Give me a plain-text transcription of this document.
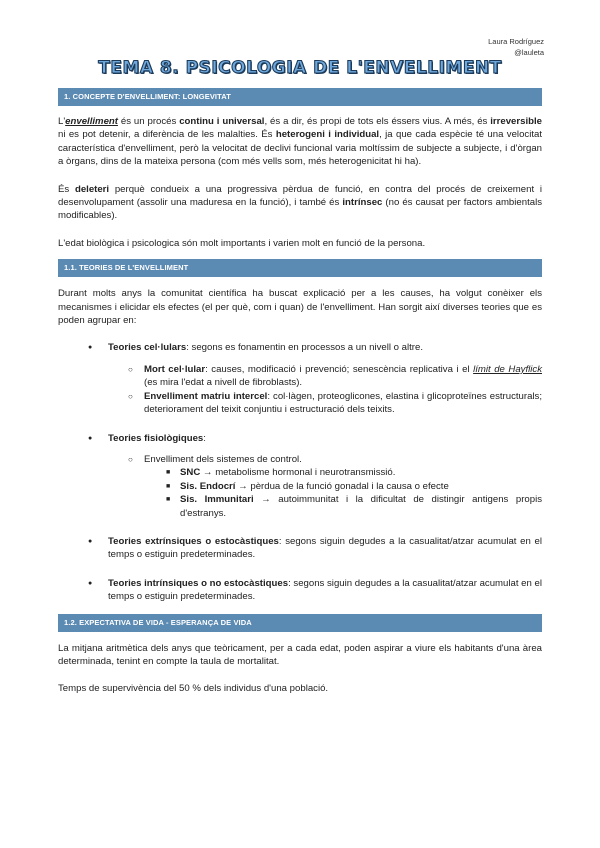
Laura Rodríguez
@lauleta
TEMA 8. PSICOLOGIA DE L'ENVELLIMENT
1. CONCEPTE D'ENVELLIMENT: LONGEVITAT

L'envelliment és un procés continu i universal, és a dir, és propi de tots els éssers vius. A més, és irreversible ni es pot detenir, a diferència de les malalties. És heterogeni i individual, ja que cada espècie té una velocitat característica d'envelliment, però la velocitat de declivi funcional varia moltíssim de subjecte a subjecte, i d'òrgan a òrgans, dins de la mateixa persona (com més vells som, més heterogenicitat hi ha).

És deleteri perquè condueix a una progressiva pèrdua de funció, en contra del procés de creixement i desenvolupament (assolir una maduresa en la funció), i també és intrínsec (no és causat per factors ambientals modificables).

L'edat biològica i psicologica són molt importants i varien molt en funció de la persona.

1.1. TEORIES DE L'ENVELLIMENT

Durant molts anys la comunitat científica ha buscat explicació per a les causes, ha volgut conèixer els mecanismes i elicidar els efectes (el per què, com i quan) de l'envelliment. Han sorgit així diverses teories que es poden agrupar en:

● Teories cel·lulars: segons es fonamentin en processos a un nivell o altre.
○ Mort cel·lular: causes, modificació i prevenció; senescència replicativa i el límit de Hayflick (es mira l'edat a nivell de fibroblasts).
○ Envelliment matriu intercel: col·làgen, proteoglicones, elastina i glicoproteïnes estructurals; deteriorament del teixit conjuntiu i estructuració dels teixits.
● Teories fisiològiques:
○ Envelliment dels sistemes de control.
■ SNC → metabolisme hormonal i neurotransmissió.
■ Sis. Endocrí → pèrdua de la funció gonadal i la causa o efecte
■ Sis. Immunitari → autoimmunitat i la dificultat de distingir antigens propis d'estranys.
● Teories extrínsiques o estocàstiques: segons siguin degudes a la casualitat/atzar acumulat en el temps o estiguin predeterminades.
● Teories intrínsiques o no estocàstiques: segons siguin degudes a la casualitat/atzar acumulat en el temps o estiguin predeterminades.
1.2. EXPECTATIVA DE VIDA - ESPERANÇA DE VIDA

La mitjana aritmètica dels anys que teòricament, per a cada edat, poden aspirar a viure els habitants d'una àrea determinada, tenint en compte la taula de mortalitat.

Temps de supervivència del 50 % dels individus d'una població.
